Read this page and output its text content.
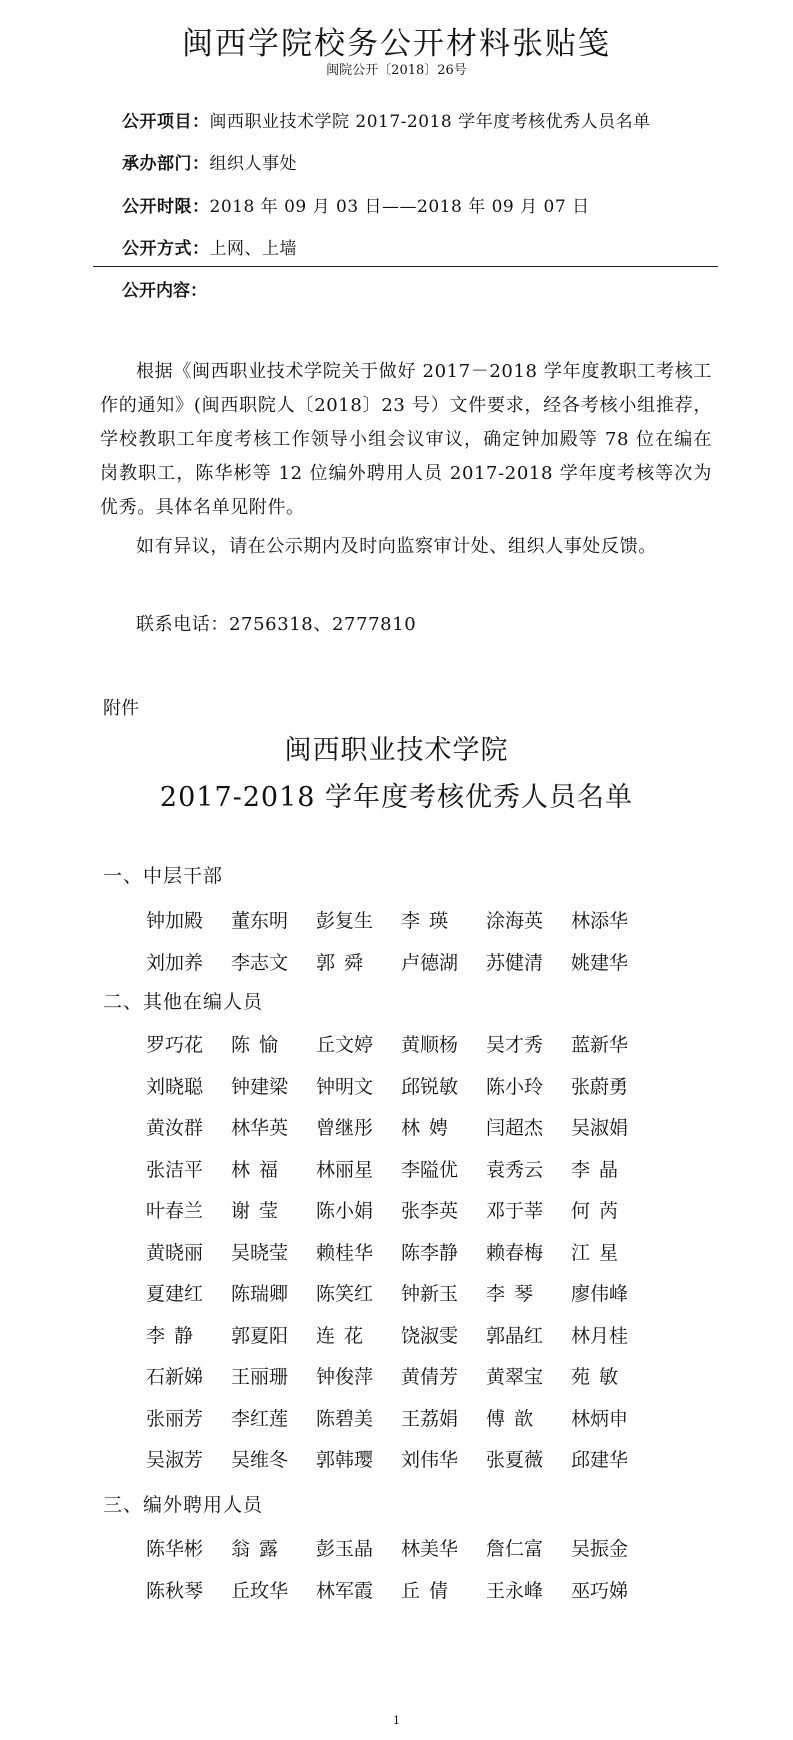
闽西学院校务公开材料张贴笺
闽院公开〔2018〕26号
公开项目：闽西职业技术学院 2017-2018 学年度考核优秀人员名单
承办部门：组织人事处
公开时限：2018 年 09 月 03 日——2018 年 09 月 07 日
公开方式：上网、上墙
公开内容：
根据《闽西职业技术学院关于做好 2017－2018 学年度教职工考核工作的通知》(闽西职院人〔2018〕23 号）文件要求，经各考核小组推荐，学校教职工年度考核工作领导小组会议审议，确定钟加殿等 78 位在编在岗教职工，陈华彬等 12 位编外聘用人员 2017-2018 学年度考核等次为优秀。具体名单见附件。
如有异议，请在公示期内及时向监察审计处、组织人事处反馈。
联系电话：2756318、2777810
附件
闽西职业技术学院
2017-2018 学年度考核优秀人员名单
一、中层干部
二、其他在编人员
三、编外聘用人员
钟加殿 董东明 彭复生 李瑛 涂海英 林添华
刘加养 李志文 郭舜 卢德湖 苏健清 姚建华
罗巧花 陈愉 丘文婷 黄顺杨 吴才秀 蓝新华
刘晓聪 钟建梁 钟明文 邱锐敏 陈小玲 张蔚勇
黄汝群 林华英 曾继彤 林娉 闫超杰 吴淑娟
张洁平 林福 林丽星 李隘优 袁秀云 李晶
叶春兰 谢莹 陈小娟 张李英 邓于莘 何芮
黄晓丽 吴晓莹 赖桂华 陈李静 赖春梅 江星
夏建红 陈瑞卿 陈笑红 钟新玉 李琴 廖伟峰
李静 郭夏阳 连花 饶淑雯 郭晶红 林月桂
石新娣 王丽珊 钟俊萍 黄倩芳 黄翠宝 苑敏
张丽芳 李红莲 陈碧美 王荔娟 傅歆 林炳申
吴淑芳 吴维冬 郭韩璎 刘伟华 张夏薇 邱建华
陈华彬 翁露 彭玉晶 林美华 詹仁富 吴振金
陈秋琴 丘玫华 林军霞 丘倩 王永峰 巫巧娣
1
